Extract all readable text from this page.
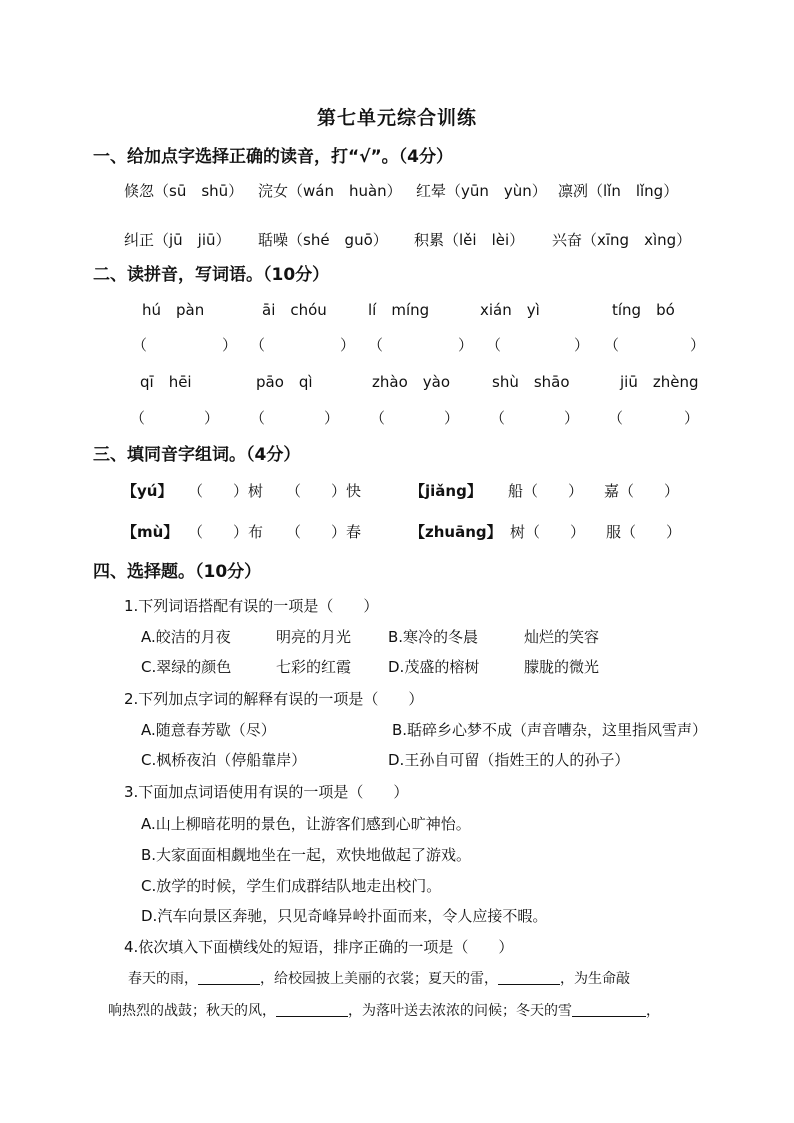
第七单元综合训练
一、给加点字选择正确的读音，打“√”。（4分）
倏忽（sū　shū） 浣女（wán　huàn） 红晕（yūn　yùn） 凛冽（lǐn　lǐng）
纠正（jū　jiū） 聒噪（shé　guō） 积累（lěi　lèi） 兴奋（xīng　xìng）
二、读拼音，写词语。（10分）
hú　pàn	āi　chóu	lí　míng	xián　yì	tíng　bó
（	） （	） （	） （	） （	）
qī　hēi	pāo　qì	zhào　yào	shù　shāo	jiū　zhèng
（	） （	） （	） （	） （	）
三、填同音字组词。（4分）
【yú】 （　　）树 （　　）快	【jiǎng】 船（　　） 嘉（　　）
【mù】 （　　）布 （　　）春	【zhuāng】 树（　　） 服（　　）
四、选择题。（10分）
1.下列词语搭配有误的一项是（　　）
A.皎洁的月夜	明亮的月光 B.寒冷的冬晨	灿烂的笑容
C.翠绿的颜色	七彩的红霞 D.茂盛的榕树	朦胧的微光
2.下列加点字词的解释有误的一项是（　　）
A.随意春芳歇（尽）	B.聒碎乡心梦不成（声音嘈杂，这里指风雪声）
C.枫桥夜泊（停船靠岸）	D.王孙自可留（指姓王的人的孙子）
3.下面加点词语使用有误的一项是（　　）
A.山上柳暗花明的景色，让游客们感到心旷神怡。
B.大家面面相觑地坐在一起，欢快地做起了游戏。
C.放学的时候，学生们成群结队地走出校门。
D.汽车向景区奔驰，只见奇峰异岭扑面而来，令人应接不暇。
4.依次填入下面横线处的短语，排序正确的一项是（　　）
春天的雨，	，给校园披上美丽的衣裳；夏天的雷，	，为生命敲
响热烈的战鼓；秋天的风，	，为落叶送去浓浓的问候；冬天的雪	，
